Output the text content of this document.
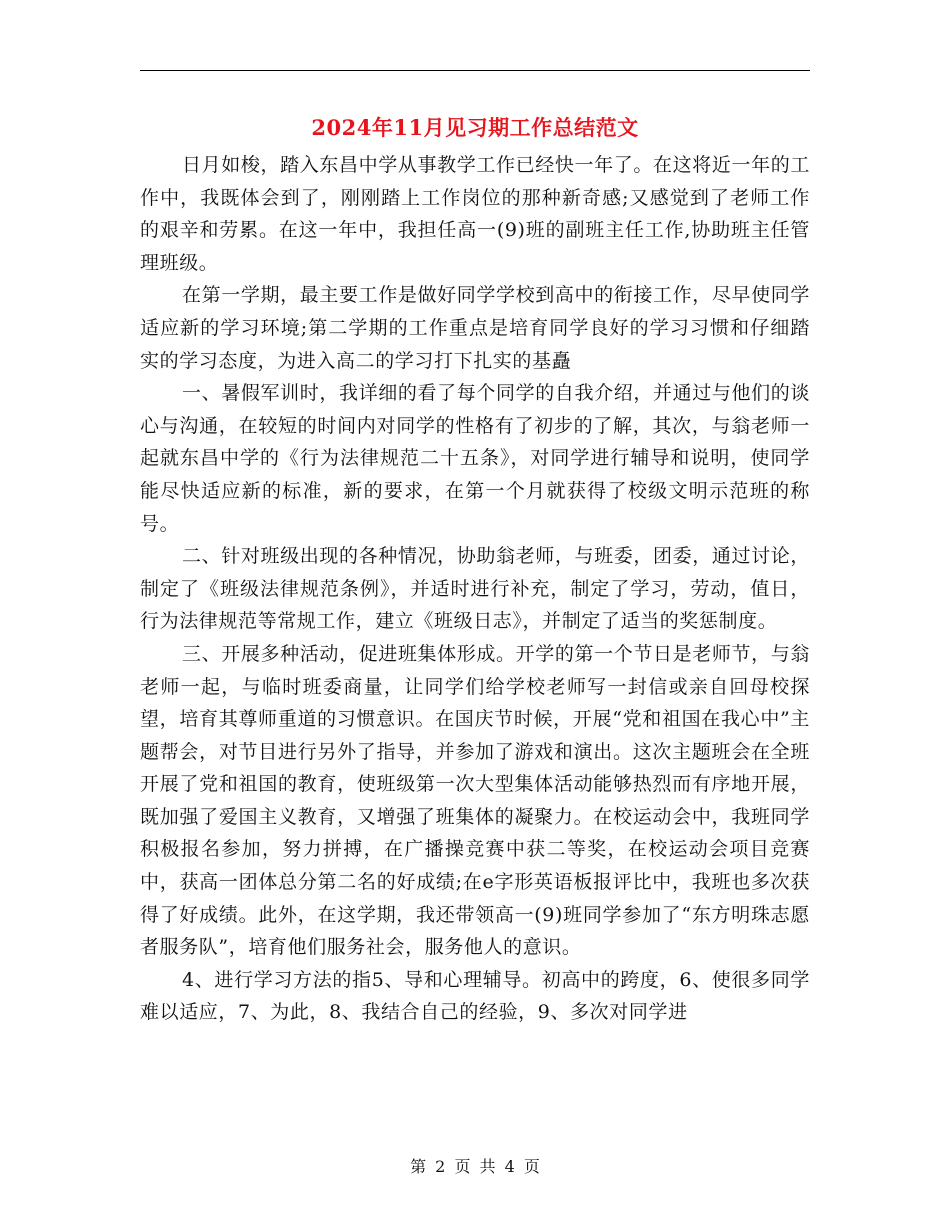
2024年11月见习期工作总结范文

日月如梭，踏入东昌中学从事教学工作已经快一年了。在这将近一年的工作中，我既体会到了，刚刚踏上工作岗位的那种新奇感;又感觉到了老师工作的艰辛和劳累。在这一年中，我担任高一(9)班的副班主任工作,协助班主任管理班级。

在第一学期，最主要工作是做好同学学校到高中的衔接工作，尽早使同学适应新的学习环境;第二学期的工作重点是培育同学良好的学习习惯和仔细踏实的学习态度，为进入高二的学习打下扎实的基矗

一、暑假军训时，我详细的看了每个同学的自我介绍，并通过与他们的谈心与沟通，在较短的时间内对同学的性格有了初步的了解，其次，与翁老师一起就东昌中学的《行为法律规范二十五条》，对同学进行辅导和说明，使同学能尽快适应新的标准，新的要求，在第一个月就获得了校级文明示范班的称号。

二、针对班级出现的各种情况，协助翁老师，与班委，团委，通过讨论，制定了《班级法律规范条例》，并适时进行补充，制定了学习，劳动，值日，行为法律规范等常规工作，建立《班级日志》，并制定了适当的奖惩制度。

三、开展多种活动，促进班集体形成。开学的第一个节日是老师节，与翁老师一起，与临时班委商量，让同学们给学校老师写一封信或亲自回母校探望，培育其尊师重道的习惯意识。在国庆节时候，开展“党和祖国在我心中”主题帮会，对节目进行另外了指导，并参加了游戏和演出。这次主题班会在全班开展了党和祖国的教育，使班级第一次大型集体活动能够热烈而有序地开展，既加强了爱国主义教育，又增强了班集体的凝聚力。在校运动会中，我班同学积极报名参加，努力拼搏，在广播操竞赛中获二等奖，在校运动会项目竞赛中，获高一团体总分第二名的好成绩;在e字形英语板报评比中，我班也多次获得了好成绩。此外，在这学期，我还带领高一(9)班同学参加了“东方明珠志愿者服务队”，培育他们服务社会，服务他人的意识。

4、进行学习方法的指5、导和心理辅导。初高中的跨度，6、使很多同学难以适应，7、为此，8、我结合自己的经验，9、多次对同学进

第 2 页 共 4 页
